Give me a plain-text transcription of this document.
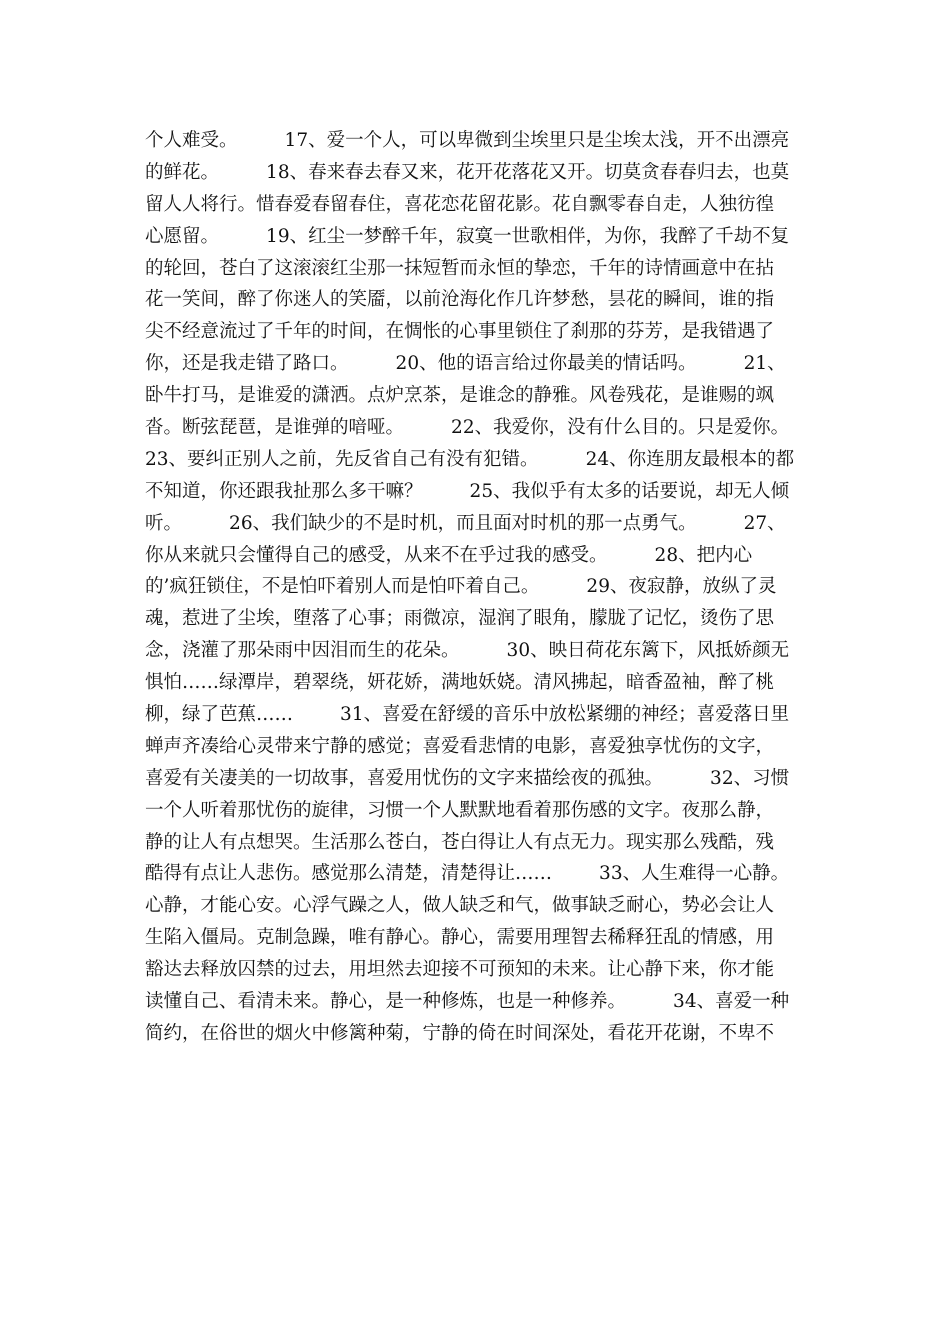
个人难受。        17、爱一个人，可以卑微到尘埃里只是尘埃太浅，开不出漂亮
的鲜花。        18、春来春去春又来，花开花落花又开。切莫贪春春归去，也莫
留人人将行。惜春爱春留春住，喜花恋花留花影。花自飘零春自走，人独彷徨
心愿留。        19、红尘一梦醉千年，寂寞一世歌相伴，为你，我醉了千劫不复
的轮回，苍白了这滚滚红尘那一抹短暂而永恒的挚恋，千年的诗情画意中在拈
花一笑间，醉了你迷人的笑靥，以前沧海化作几许梦愁，昙花的瞬间，谁的指
尖不经意流过了千年的时间，在惆怅的心事里锁住了刹那的芬芳，是我错遇了
你，还是我走错了路口。        20、他的语言给过你最美的情话吗。        21、
卧牛打马，是谁爱的潇洒。点炉烹茶，是谁念的静雅。风卷残花，是谁赐的飒
沓。断弦琵琶，是谁弹的喑哑。        22、我爱你，没有什么目的。只是爱你。
23、要纠正别人之前，先反省自己有没有犯错。        24、你连朋友最根本的都
不知道，你还跟我扯那么多干嘛？        25、我似乎有太多的话要说，却无人倾
听。        26、我们缺少的不是时机，而且面对时机的那一点勇气。        27、
你从来就只会懂得自己的感受，从来不在乎过我的感受。        28、把内心
的’疯狂锁住，不是怕吓着别人而是怕吓着自己。        29、夜寂静，放纵了灵
魂，惹进了尘埃，堕落了心事；雨微凉，湿润了眼角，朦胧了记忆，烫伤了思
念，浇灌了那朵雨中因泪而生的花朵。        30、映日荷花东篱下，风抵娇颜无
惧怕……绿潭岸，碧翠绕，妍花娇，满地妖娆。清风拂起，暗香盈袖，醉了桃
柳，绿了芭蕉……        31、喜爱在舒缓的音乐中放松紧绷的神经；喜爱落日里
蝉声齐凑给心灵带来宁静的感觉；喜爱看悲情的电影，喜爱独享忧伤的文字，
喜爱有关凄美的一切故事，喜爱用忧伤的文字来描绘夜的孤独。        32、习惯
一个人听着那忧伤的旋律，习惯一个人默默地看着那伤感的文字。夜那么静，
静的让人有点想哭。生活那么苍白，苍白得让人有点无力。现实那么残酷，残
酷得有点让人悲伤。感觉那么清楚，清楚得让……        33、人生难得一心静。
心静，才能心安。心浮气躁之人，做人缺乏和气，做事缺乏耐心，势必会让人
生陷入僵局。克制急躁，唯有静心。静心，需要用理智去稀释狂乱的情感，用
豁达去释放囚禁的过去，用坦然去迎接不可预知的未来。让心静下来，你才能
读懂自己、看清未来。静心，是一种修炼，也是一种修养。        34、喜爱一种
简约，在俗世的烟火中修篱种菊，宁静的倚在时间深处，看花开花谢，不卑不
